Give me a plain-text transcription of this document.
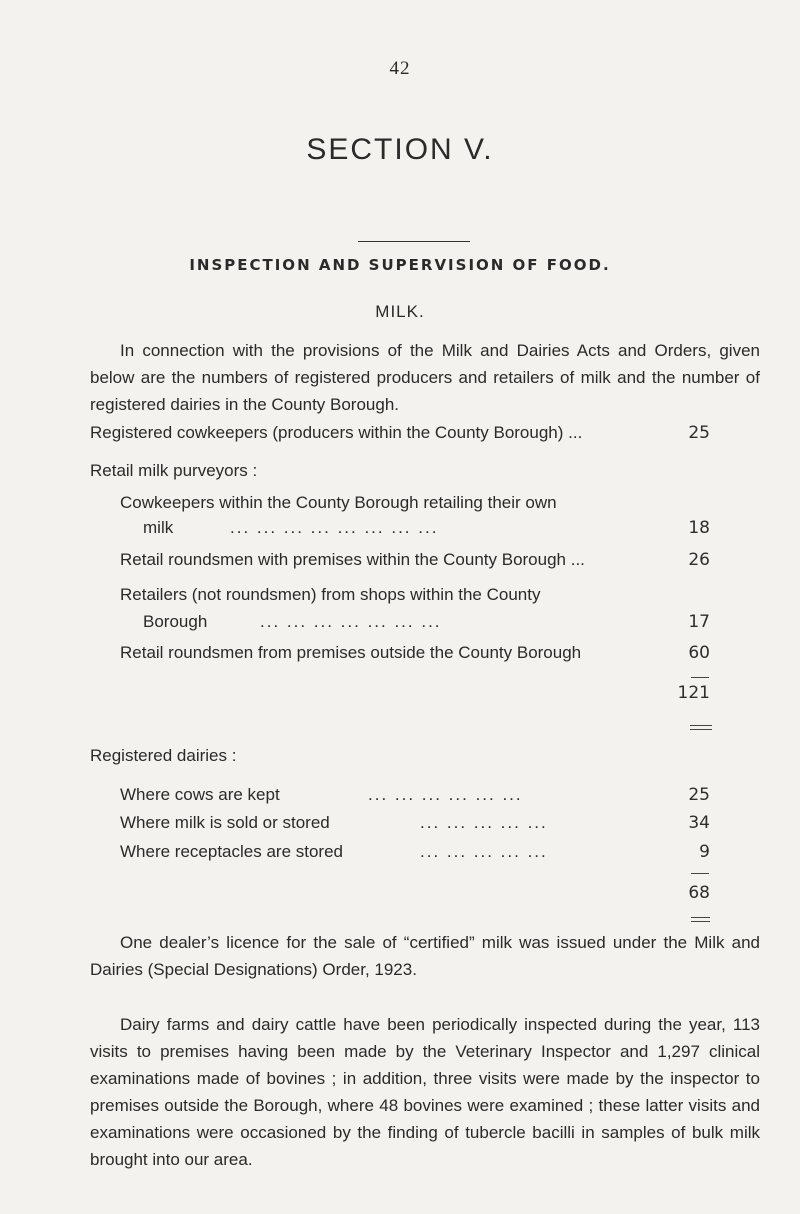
42
SECTION V.
INSPECTION AND SUPERVISION OF FOOD.
MILK.
In connection with the provisions of the Milk and Dairies Acts and Orders, given below are the numbers of registered producers and retailers of milk and the number of registered dairies in the County Borough.
Registered cowkeepers (producers within the County Borough) ...	25
Retail milk purveyors :
Cowkeepers within the County Borough retailing their own
milk	... ... ... ... ... ... ... ...	18
Retail roundsmen with premises within the County Borough ...	26
Retailers (not roundsmen) from shops within the County
Borough	... ... ... ... ... ... ...	17
Retail roundsmen from premises outside the County Borough	60
121
Registered dairies :
Where cows are kept	... ... ... ... ... ...	25
Where milk is sold or stored	... ... ... ... ...	34
Where receptacles are stored	... ... ... ... ...	9
68
One dealer’s licence for the sale of “certified” milk was issued under the Milk and Dairies (Special Designations) Order, 1923.
Dairy farms and dairy cattle have been periodically inspected during the year, 113 visits to premises having been made by the Veterinary Inspector and 1,297 clinical examinations made of bovines ; in addition, three visits were made by the inspector to premises outside the Borough, where 48 bovines were examined ; these latter visits and examinations were occasioned by the finding of tubercle bacilli in samples of bulk milk brought into our area.
